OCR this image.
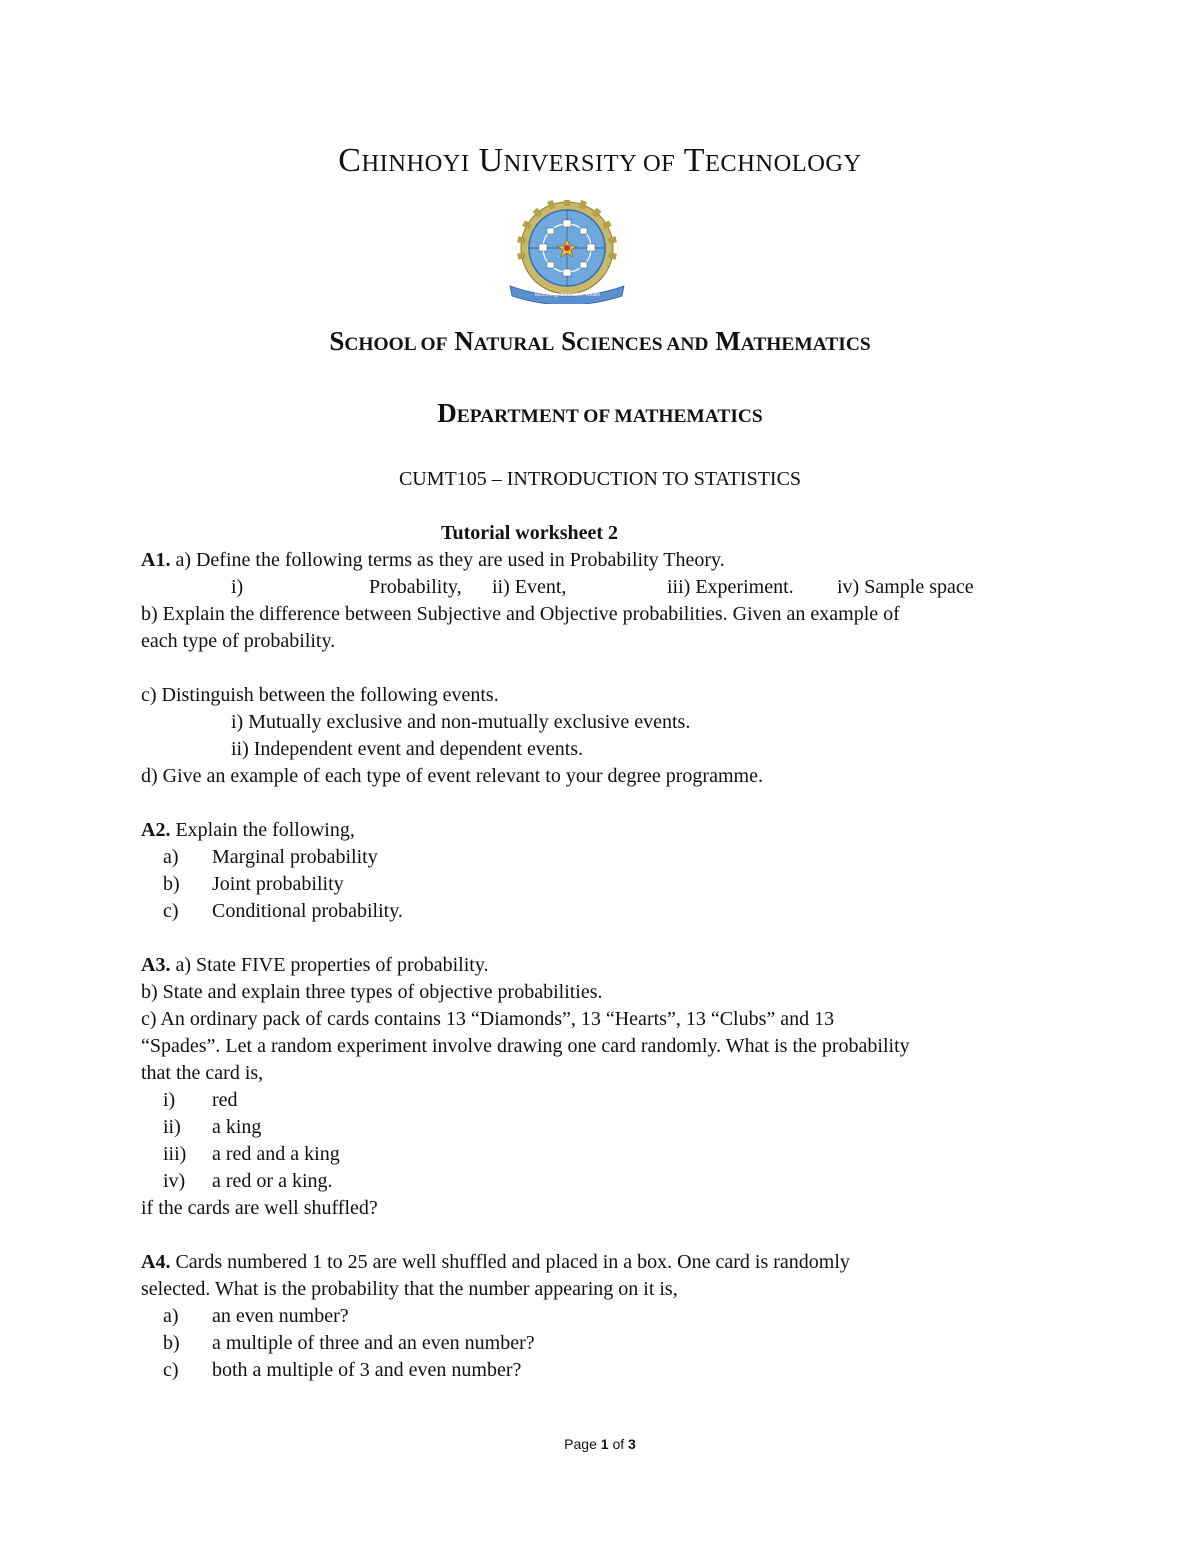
CHINHOYI UNIVERSITY OF TECHNOLOGY
Technology Innovation Wealth
SCHOOL OF NATURAL SCIENCES AND MATHEMATICS
DEPARTMENT OF MATHEMATICS
CUMT105 – INTRODUCTION TO STATISTICS
Tutorial worksheet 2
A1. a) Define the following terms as they are used in Probability Theory.
i)	Probability, ii) Event,	iii) Experiment. iv) Sample space
b) Explain the difference between Subjective and Objective probabilities. Given an example of
each type of probability.
c) Distinguish between the following events.
i) Mutually exclusive and non-mutually exclusive events.
ii) Independent event and dependent events.
d) Give an example of each type of event relevant to your degree programme.
A2. Explain the following,
a) Marginal probability
b) Joint probability
c) Conditional probability.
A3. a) State FIVE properties of probability.
b) State and explain three types of objective probabilities.
c) An ordinary pack of cards contains 13 “Diamonds”, 13 “Hearts”, 13 “Clubs” and 13
“Spades”. Let a random experiment involve drawing one card randomly. What is the probability
that the card is,
i) red
ii) a king
iii) a red and a king
iv) a red or a king.
if the cards are well shuffled?
A4. Cards numbered 1 to 25 are well shuffled and placed in a box. One card is randomly
selected. What is the probability that the number appearing on it is,
a) an even number?
b) a multiple of three and an even number?
c) both a multiple of 3 and even number?
Page 1 of 3
